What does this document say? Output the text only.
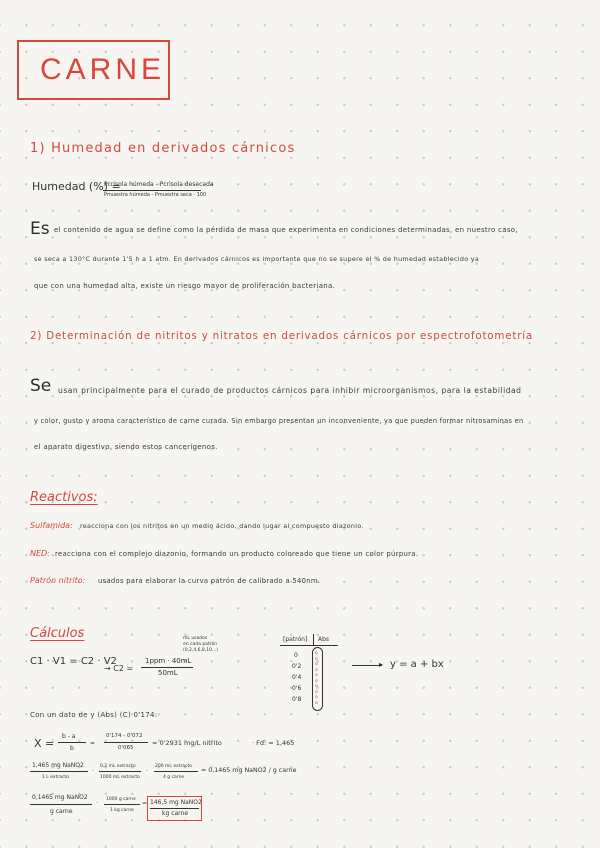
CARNE
1) Humedad en derivados cárnicos
Humedad (%) =
Pcrisola húmeda - Pcrisola desecada
Pmuestra húmeda - Pmuestra seca · 100
Es el contenido de agua se define como la pérdida de masa que experimenta en condiciones determinadas, en nuestro caso,
se seca a 130°C durante 1'5 h a 1 atm. En derivados cárnicos es importante que no se supere el % de humedad establecido ya
que con una humedad alta, existe un riesgo mayor de proliferación bacteriana.
2) Determinación de nitritos y nitratos en derivados cárnicos por espectrofotometría
Se usan principalmente para el curado de productos cárnicos para inhibir microorganismos, para la estabilidad
y color, gusto y aroma característico de carne curada. Sin embargo presentan un inconveniente, ya que pueden formar nitrosaminas en
el aparato digestivo, siendo estos cancerígenos.
Reactivos:
Sulfamida: reacciona con los nitritos en un medio ácido, dando lugar al compuesto diazonio.
NED: reacciona con el complejo diazonio, formando un producto coloreado que tiene un color púrpura.
Patrón nitrito: usados para elaborar la curva patrón de calibrado a 540nm.
Cálculos
C1 · V1 = C2 · V2
→ C2 =
1ppm · 40mL
50mL
mL usados
en cada patrón
(0,2,4,6,8,10...)
[patrón] Abs
0
0'2
0'4
0'6
0'8
o o o o o o o o o o
▸ y = a + bx
Con un dato de y (Abs) (C) 0'174:
X =
b - a
b
=
0'174 - 0'072
0'065
= 0'2931 mg/L nitrito	· Fd: = 1,465
1,465 mg NaNO2
1 L extracto
·
0,2 mL extracto
1000 mL extracto
·
200 mL extracto
4 g carne
= 0,1465 mg NaNO2 / g carne
0,1465 mg NaNO2
g carne
·
1000 g carne
1 kg carne
= 146,5 mg NaNO2
kg carne
